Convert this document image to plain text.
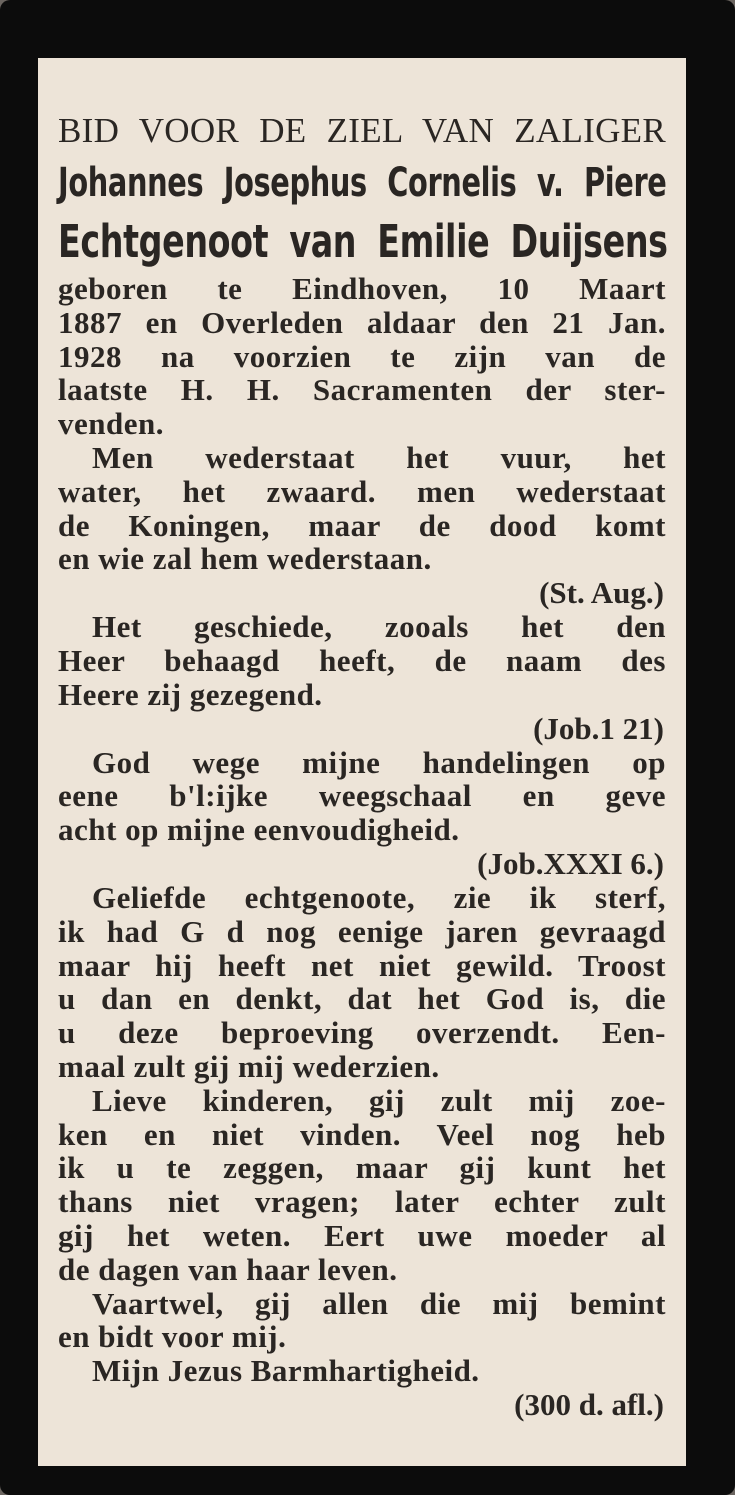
BID VOOR DE ZIEL VAN ZALIGER
Johannes Josephus Cornelis v. Piere
Echtgenoot van Emilie Duijsens
geboren te Eindhoven, 10 Maart
1887 en Overleden aldaar den 21 Jan.
1928 na voorzien te zijn van de
laatste H. H. Sacramenten der ster-
venden.
Men wederstaat het vuur, het
water, het zwaard. men wederstaat
de Koningen, maar de dood komt
en wie zal hem wederstaan.
(St. Aug.)
Het geschiede, zooals het den
Heer behaagd heeft, de naam des
Heere zij gezegend.
(Job.1 21)
God wege mijne handelingen op
eene b'l:ijke weegschaal en geve
acht op mijne eenvoudigheid.
(Job.XXXI 6.)
Geliefde echtgenoote, zie ik sterf,
ik had G d nog eenige jaren gevraagd
maar hij heeft net niet gewild. Troost
u dan en denkt, dat het God is, die
u deze beproeving overzendt. Een-
maal zult gij mij wederzien.
Lieve kinderen, gij zult mij zoe-
ken en niet vinden. Veel nog heb
ik u te zeggen, maar gij kunt het
thans niet vragen; later echter zult
gij het weten. Eert uwe moeder al
de dagen van haar leven.
Vaartwel, gij allen die mij bemint
en bidt voor mij.
Mijn Jezus Barmhartigheid.
(300 d. afl.)
